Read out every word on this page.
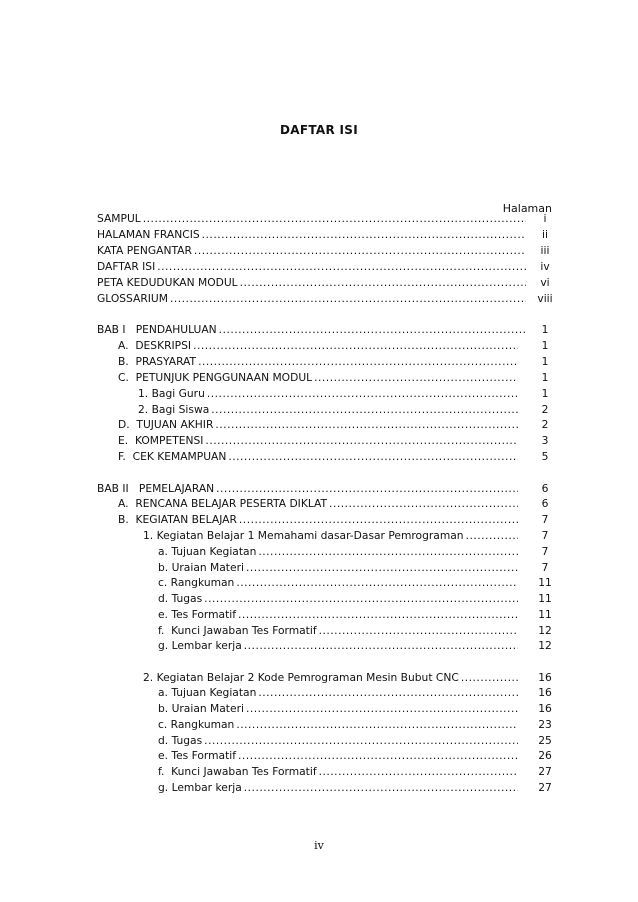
DAFTAR ISI
Halaman
SAMPUL .....	i
HALAMAN FRANCIS .....	ii
KATA PENGANTAR .....	iii
DAFTAR ISI .....	iv
PETA KEDUDUKAN MODUL .....	vi
GLOSSARIUM .....	viii
BAB I   PENDAHULUAN .....	1
A.  DESKRIPSI .....	1
B.  PRASYARAT .....	1
C.  PETUNJUK PENGGUNAAN MODUL .....	1
1. Bagi Guru .....	1
2. Bagi Siswa .....	2
D.  TUJUAN AKHIR .....	2
E.  KOMPETENSI .....	3
F.  CEK KEMAMPUAN .....	5
BAB II   PEMELAJARAN .....	6
A.  RENCANA BELAJAR PESERTA DIKLAT .....	6
B.  KEGIATAN BELAJAR .....	7
1. Kegiatan Belajar 1 Memahami dasar-Dasar Pemrograman .....	7
a. Tujuan Kegiatan .....	7
b. Uraian Materi .....	7
c. Rangkuman .....	11
d. Tugas .....	11
e. Tes Formatif .....	11
f.  Kunci Jawaban Tes Formatif .....	12
g. Lembar kerja .....	12
2. Kegiatan Belajar 2 Kode Pemrograman Mesin Bubut CNC .....	16
a. Tujuan Kegiatan .....	16
b. Uraian Materi .....	16
c. Rangkuman .....	23
d. Tugas .....	25
e. Tes Formatif .....	26
f.  Kunci Jawaban Tes Formatif .....	27
g. Lembar kerja .....	27
iv
